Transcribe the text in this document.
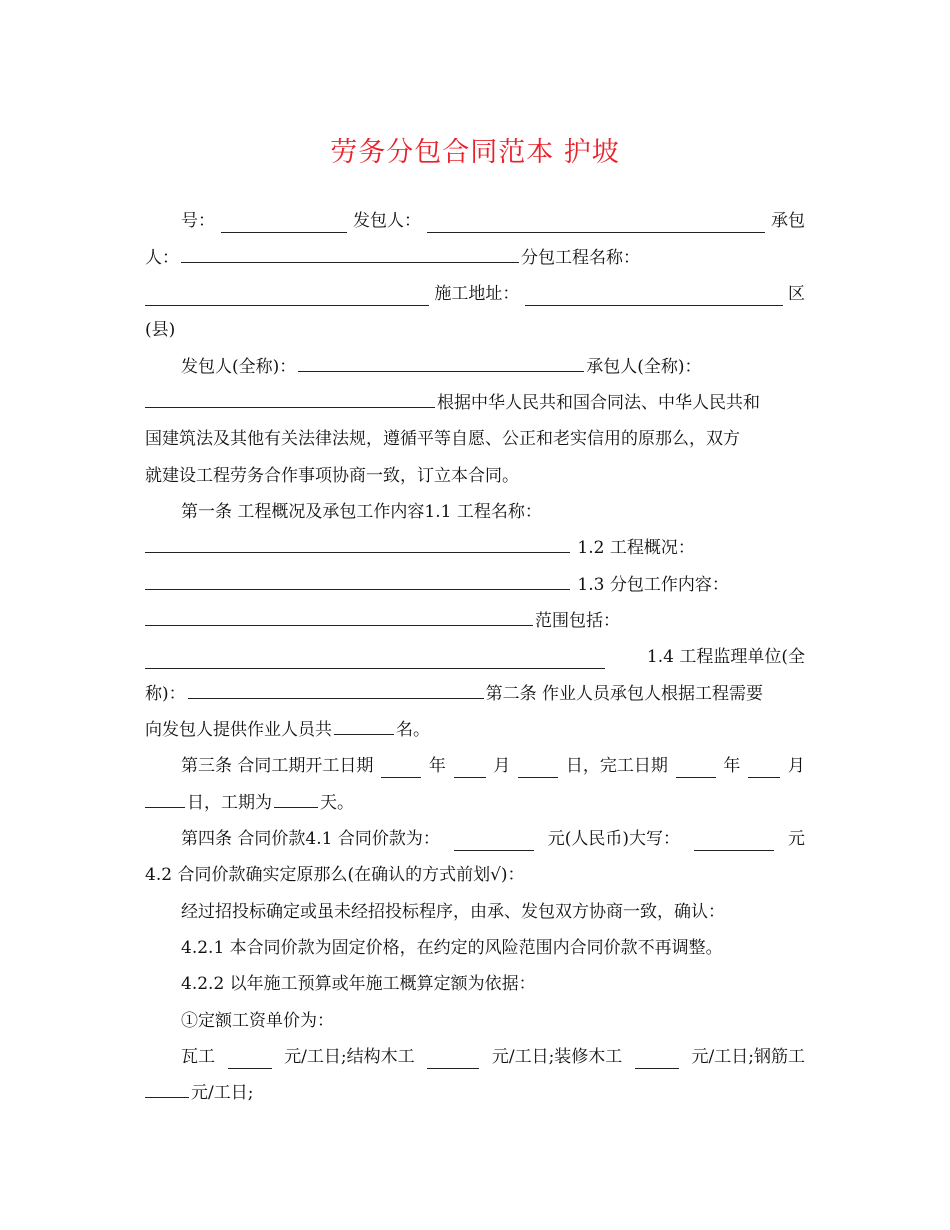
劳务分包合同范本 护坡
号：	发包人：	承包
人：	分包工程名称：
施工地址：	区
(县)
发包人(全称)：	承包人(全称)：
根据中华人民共和国合同法、中华人民共和
国建筑法及其他有关法律法规，遵循平等自愿、公正和老实信用的原那么，双方
就建设工程劳务合作事项协商一致，订立本合同。
第一条 工程概况及承包工作内容1.1 工程名称：
1.2 工程概况：
1.3 分包工作内容：
范围包括：
1.4 工程监理单位(全
称)：	第二条 作业人员承包人根据工程需要
向发包人提供作业人员共	名。
第三条 合同工期开工日期	年	月	日，完工日期	年	月
日，工期为	天。
第四条 合同价款4.1 合同价款为：	元(人民币)大写：	元
4.2 合同价款确实定原那么(在确认的方式前划√)：
经过招投标确定或虽未经招投标程序，由承、发包双方协商一致，确认：
4.2.1 本合同价款为固定价格，在约定的风险范围内合同价款不再调整。
4.2.2 以年施工预算或年施工概算定额为依据：
①定额工资单价为：
瓦工	元/工日;结构木工	元/工日;装修木工	元/工日;钢筋工
元/工日;
